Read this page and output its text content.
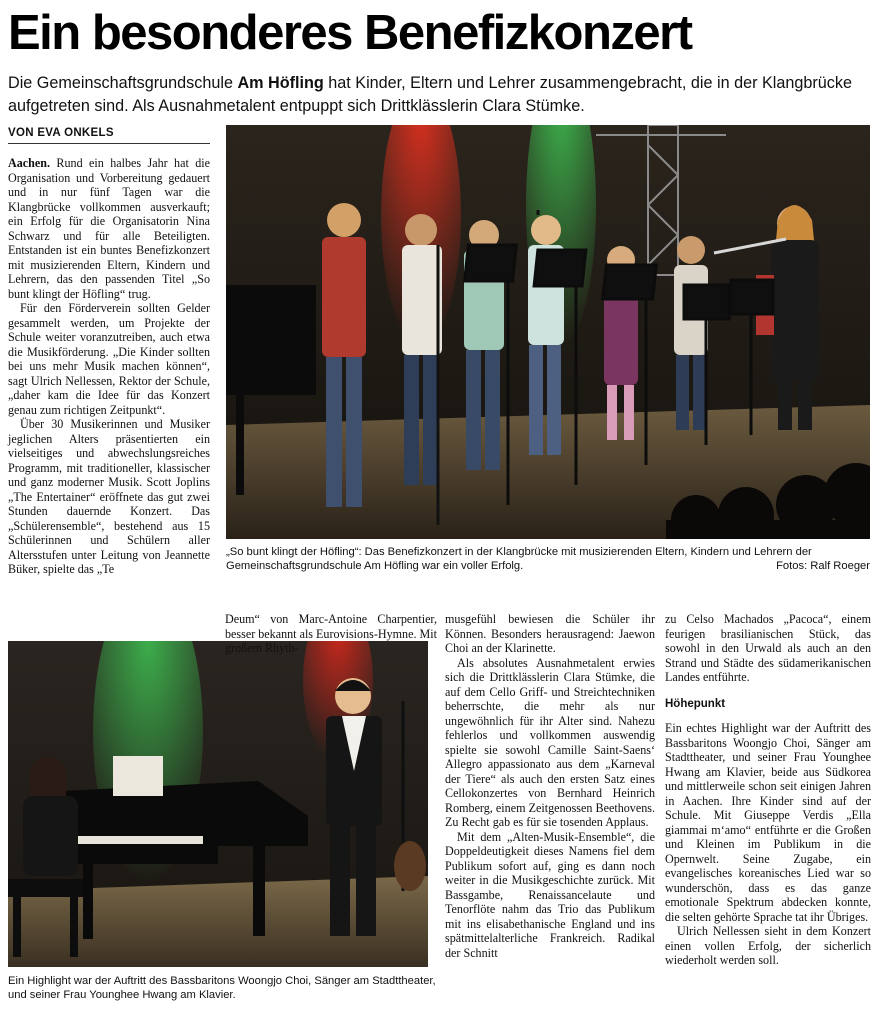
Ein besonderes Benefizkonzert
Die Gemeinschaftsgrundschule Am Höfling hat Kinder, Eltern und Lehrer zusammengebracht, die in der Klangbrücke aufgetreten sind. Als Ausnahmetalent entpuppt sich Drittklässlerin Clara Stümke.
VON EVA ONKELS
„So bunt klingt der Höfling“: Das Benefizkonzert in der Klangbrücke mit musizierenden Eltern, Kindern und Lehrern der Gemeinschaftsgrundschule Am Höfling war ein voller Erfolg.	Fotos: Ralf Roeger
Ein Highlight war der Auftritt des Bassbaritons Woongjo Choi, Sänger am Stadttheater, und seiner Frau Younghee Hwang am Klavier.

Aachen. Rund ein halbes Jahr hat die Organisation und Vorbereitung gedauert und in nur fünf Tagen war die Klangbrücke vollkommen ausverkauft; ein Erfolg für die Organisatorin Nina Schwarz und für alle Beteiligten. Entstanden ist ein buntes Benefizkonzert mit musizierenden Eltern, Kindern und Lehrern, das den passenden Titel „So bunt klingt der Höfling“ trug.

Für den Förderverein sollten Gelder gesammelt werden, um Projekte der Schule weiter voranzutreiben, auch etwa die Musikförderung. „Die Kinder sollten bei uns mehr Musik machen können“, sagt Ulrich Nellessen, Rektor der Schule, „daher kam die Idee für das Konzert genau zum richtigen Zeitpunkt“.

Über 30 Musikerinnen und Musiker jeglichen Alters präsentierten ein vielseitiges und abwechslungsreiches Programm, mit traditioneller, klassischer und ganz moderner Musik. Scott Joplins „The Entertainer“ eröffnete das gut zwei Stunden dauernde Konzert. Das „Schülerensemble“, bestehend aus 15 Schülerinnen und Schülern aller Altersstufen unter Leitung von Jeannette Büker, spielte das „Te

Deum“ von Marc-Antoine Charpentier, besser bekannt als Eurovisions-Hymne. Mit großem Rhyth-

musgefühl bewiesen die Schüler ihr Können. Besonders herausragend: Jaewon Choi an der Klarinette.

Als absolutes Ausnahmetalent erwies sich die Drittklässlerin Clara Stümke, die auf dem Cello Griff- und Streichtechniken beherrschte, die mehr als nur ungewöhnlich für ihr Alter sind. Nahezu fehlerlos und vollkommen auswendig spielte sie sowohl Camille Saint-Saens‘ Allegro appassionato aus dem „Karneval der Tiere“ als auch den ersten Satz eines Cellokonzertes von Bernhard Heinrich Romberg, einem Zeitgenossen Beethovens. Zu Recht gab es für sie tosenden Applaus.

Mit dem „Alten-Musik-Ensemble“, die Doppeldeutigkeit dieses Namens fiel dem Publikum sofort auf, ging es dann noch weiter in die Musikgeschichte zurück. Mit Bassgambe, Renaissancelaute und Tenorflöte nahm das Trio das Publikum mit ins elisabethanische England und ins spätmittelalterliche Frankreich. Radikal der Schnitt

zu Celso Machados „Pacoca“, einem feurigen brasilianischen Stück, das sowohl in den Urwald als auch an den Strand und Städte des südamerikanischen Landes entführte.

Höhepunkt

Ein echtes Highlight war der Auftritt des Bassbaritons Woongjo Choi, Sänger am Stadttheater, und seiner Frau Younghee Hwang am Klavier, beide aus Südkorea und mittlerweile schon seit einigen Jahren in Aachen. Ihre Kinder sind auf der Schule. Mit Giuseppe Verdis „Ella giammai m‘amo“ entführte er die Großen und Kleinen im Publikum in die Opernwelt. Seine Zugabe, ein evangelisches koreanisches Lied war so wunderschön, dass es das ganze emotionale Spektrum abdecken konnte, die selten gehörte Sprache tat ihr Übriges.

Ulrich Nellessen sieht in dem Konzert einen vollen Erfolg, der sicherlich wiederholt werden soll.
